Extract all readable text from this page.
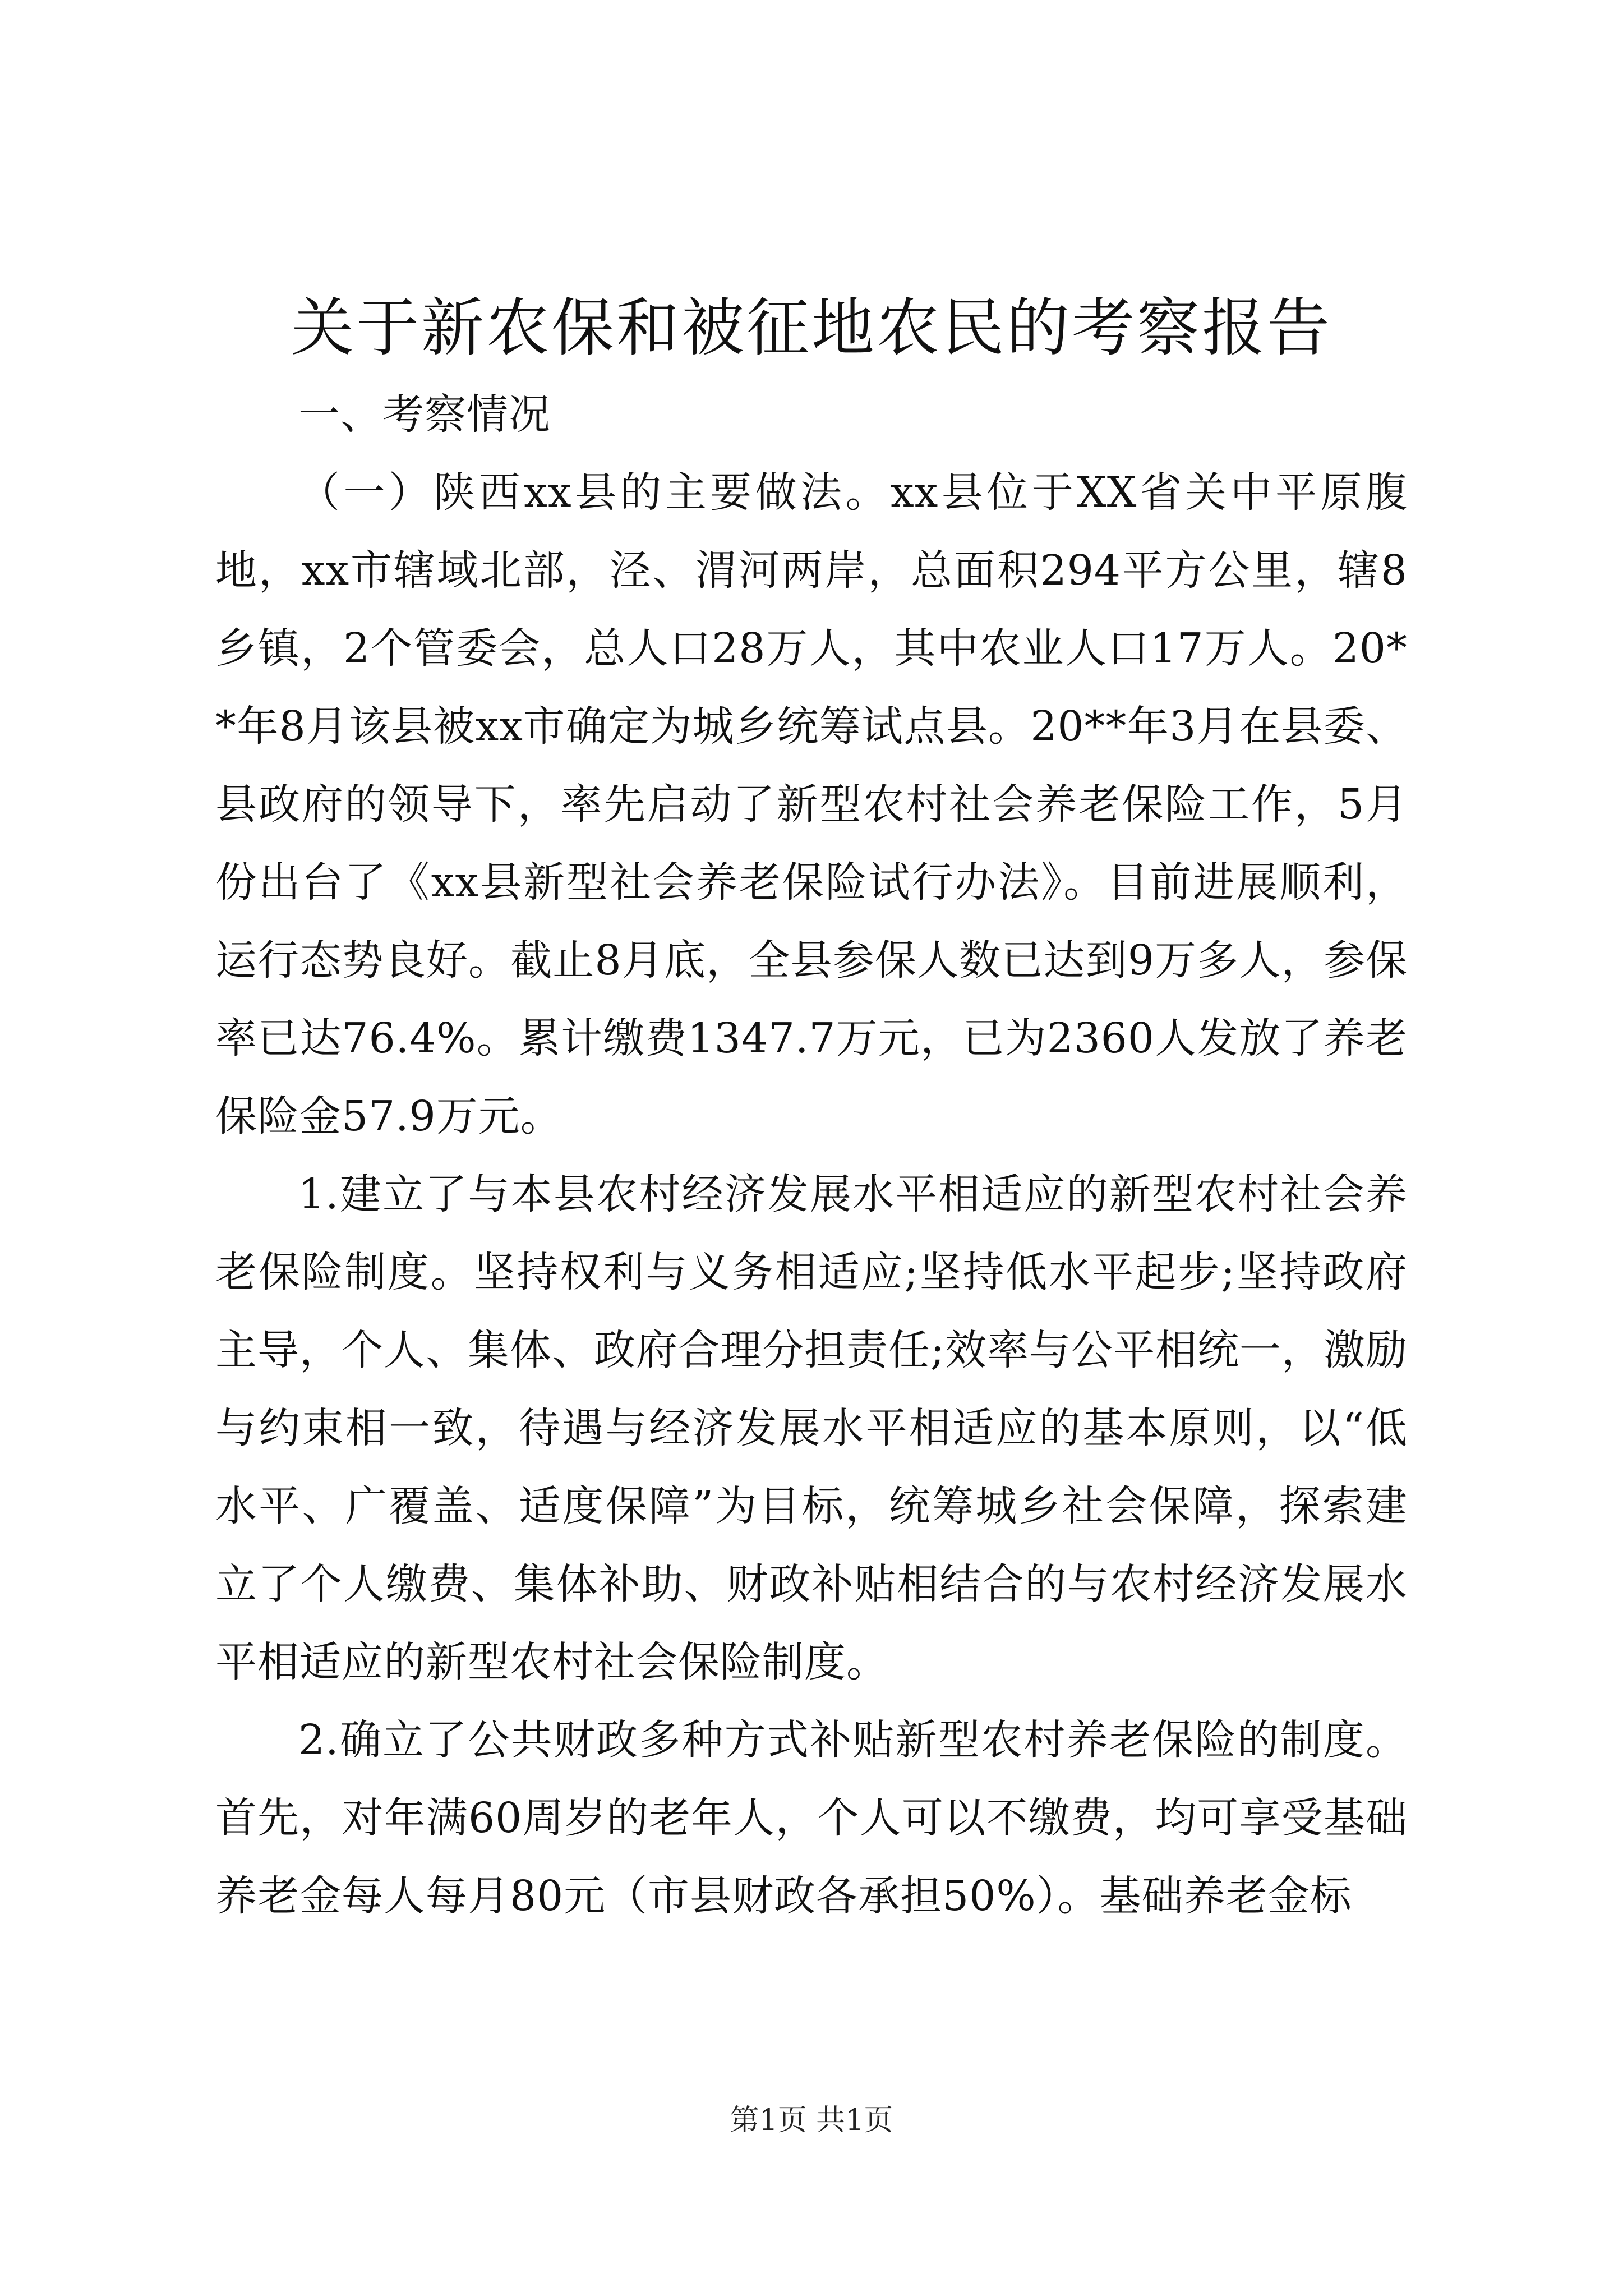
关于新农保和被征地农民的考察报告

一、考察情况

（一）陕西xx县的主要做法。xx县位于XX省关中平原腹地，xx市辖域北部，泾、渭河两岸，总面积294平方公里，辖8乡镇，2个管委会，总人口28万人，其中农业人口17万人。20**年8月该县被xx市确定为城乡统筹试点县。20**年3月在县委、县政府的领导下，率先启动了新型农村社会养老保险工作，5月份出台了《xx县新型社会养老保险试行办法》。目前进展顺利，运行态势良好。截止8月底，全县参保人数已达到9万多人，参保率已达76.4%。累计缴费1347.7万元，已为2360人发放了养老保险金57.9万元。

1.建立了与本县农村经济发展水平相适应的新型农村社会养老保险制度。坚持权利与义务相适应;坚持低水平起步;坚持政府主导，个人、集体、政府合理分担责任;效率与公平相统一，激励与约束相一致，待遇与经济发展水平相适应的基本原则，以“低水平、广覆盖、适度保障”为目标，统筹城乡社会保障，探索建立了个人缴费、集体补助、财政补贴相结合的与农村经济发展水平相适应的新型农村社会保险制度。

2.确立了公共财政多种方式补贴新型农村养老保险的制度。首先，对年满60周岁的老年人，个人可以不缴费，均可享受基础养老金每人每月80元（市县财政各承担50%）。基础养老金标

第1页 共1页
